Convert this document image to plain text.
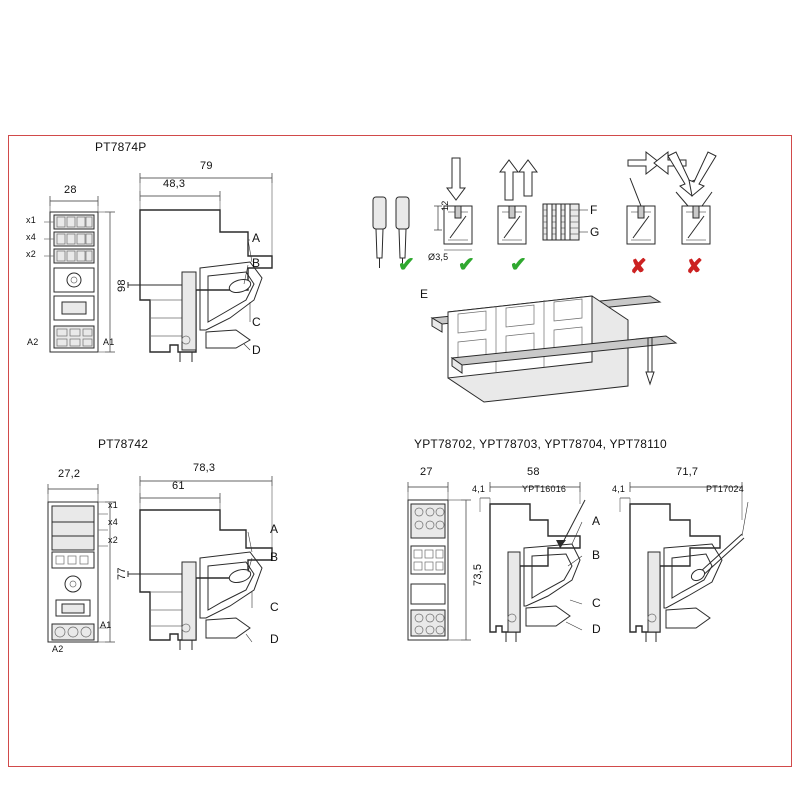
PT7874P
28
79
48,3
98
x1
x4
x2
A2	A1
A
B
C
D
12
Ø3,5
✔ ✔ ✔	✘ ✘
F
G
E
PT78742
27,2	78,3
61
77
x1
x4
x2
A1
A2
A
B
C
D
YPT78702, YPT78703, YPT78704, YPT78110
27
4,1
58
4,1
71,7
73,5
YPT16016	PT17024
A
B
C
D
